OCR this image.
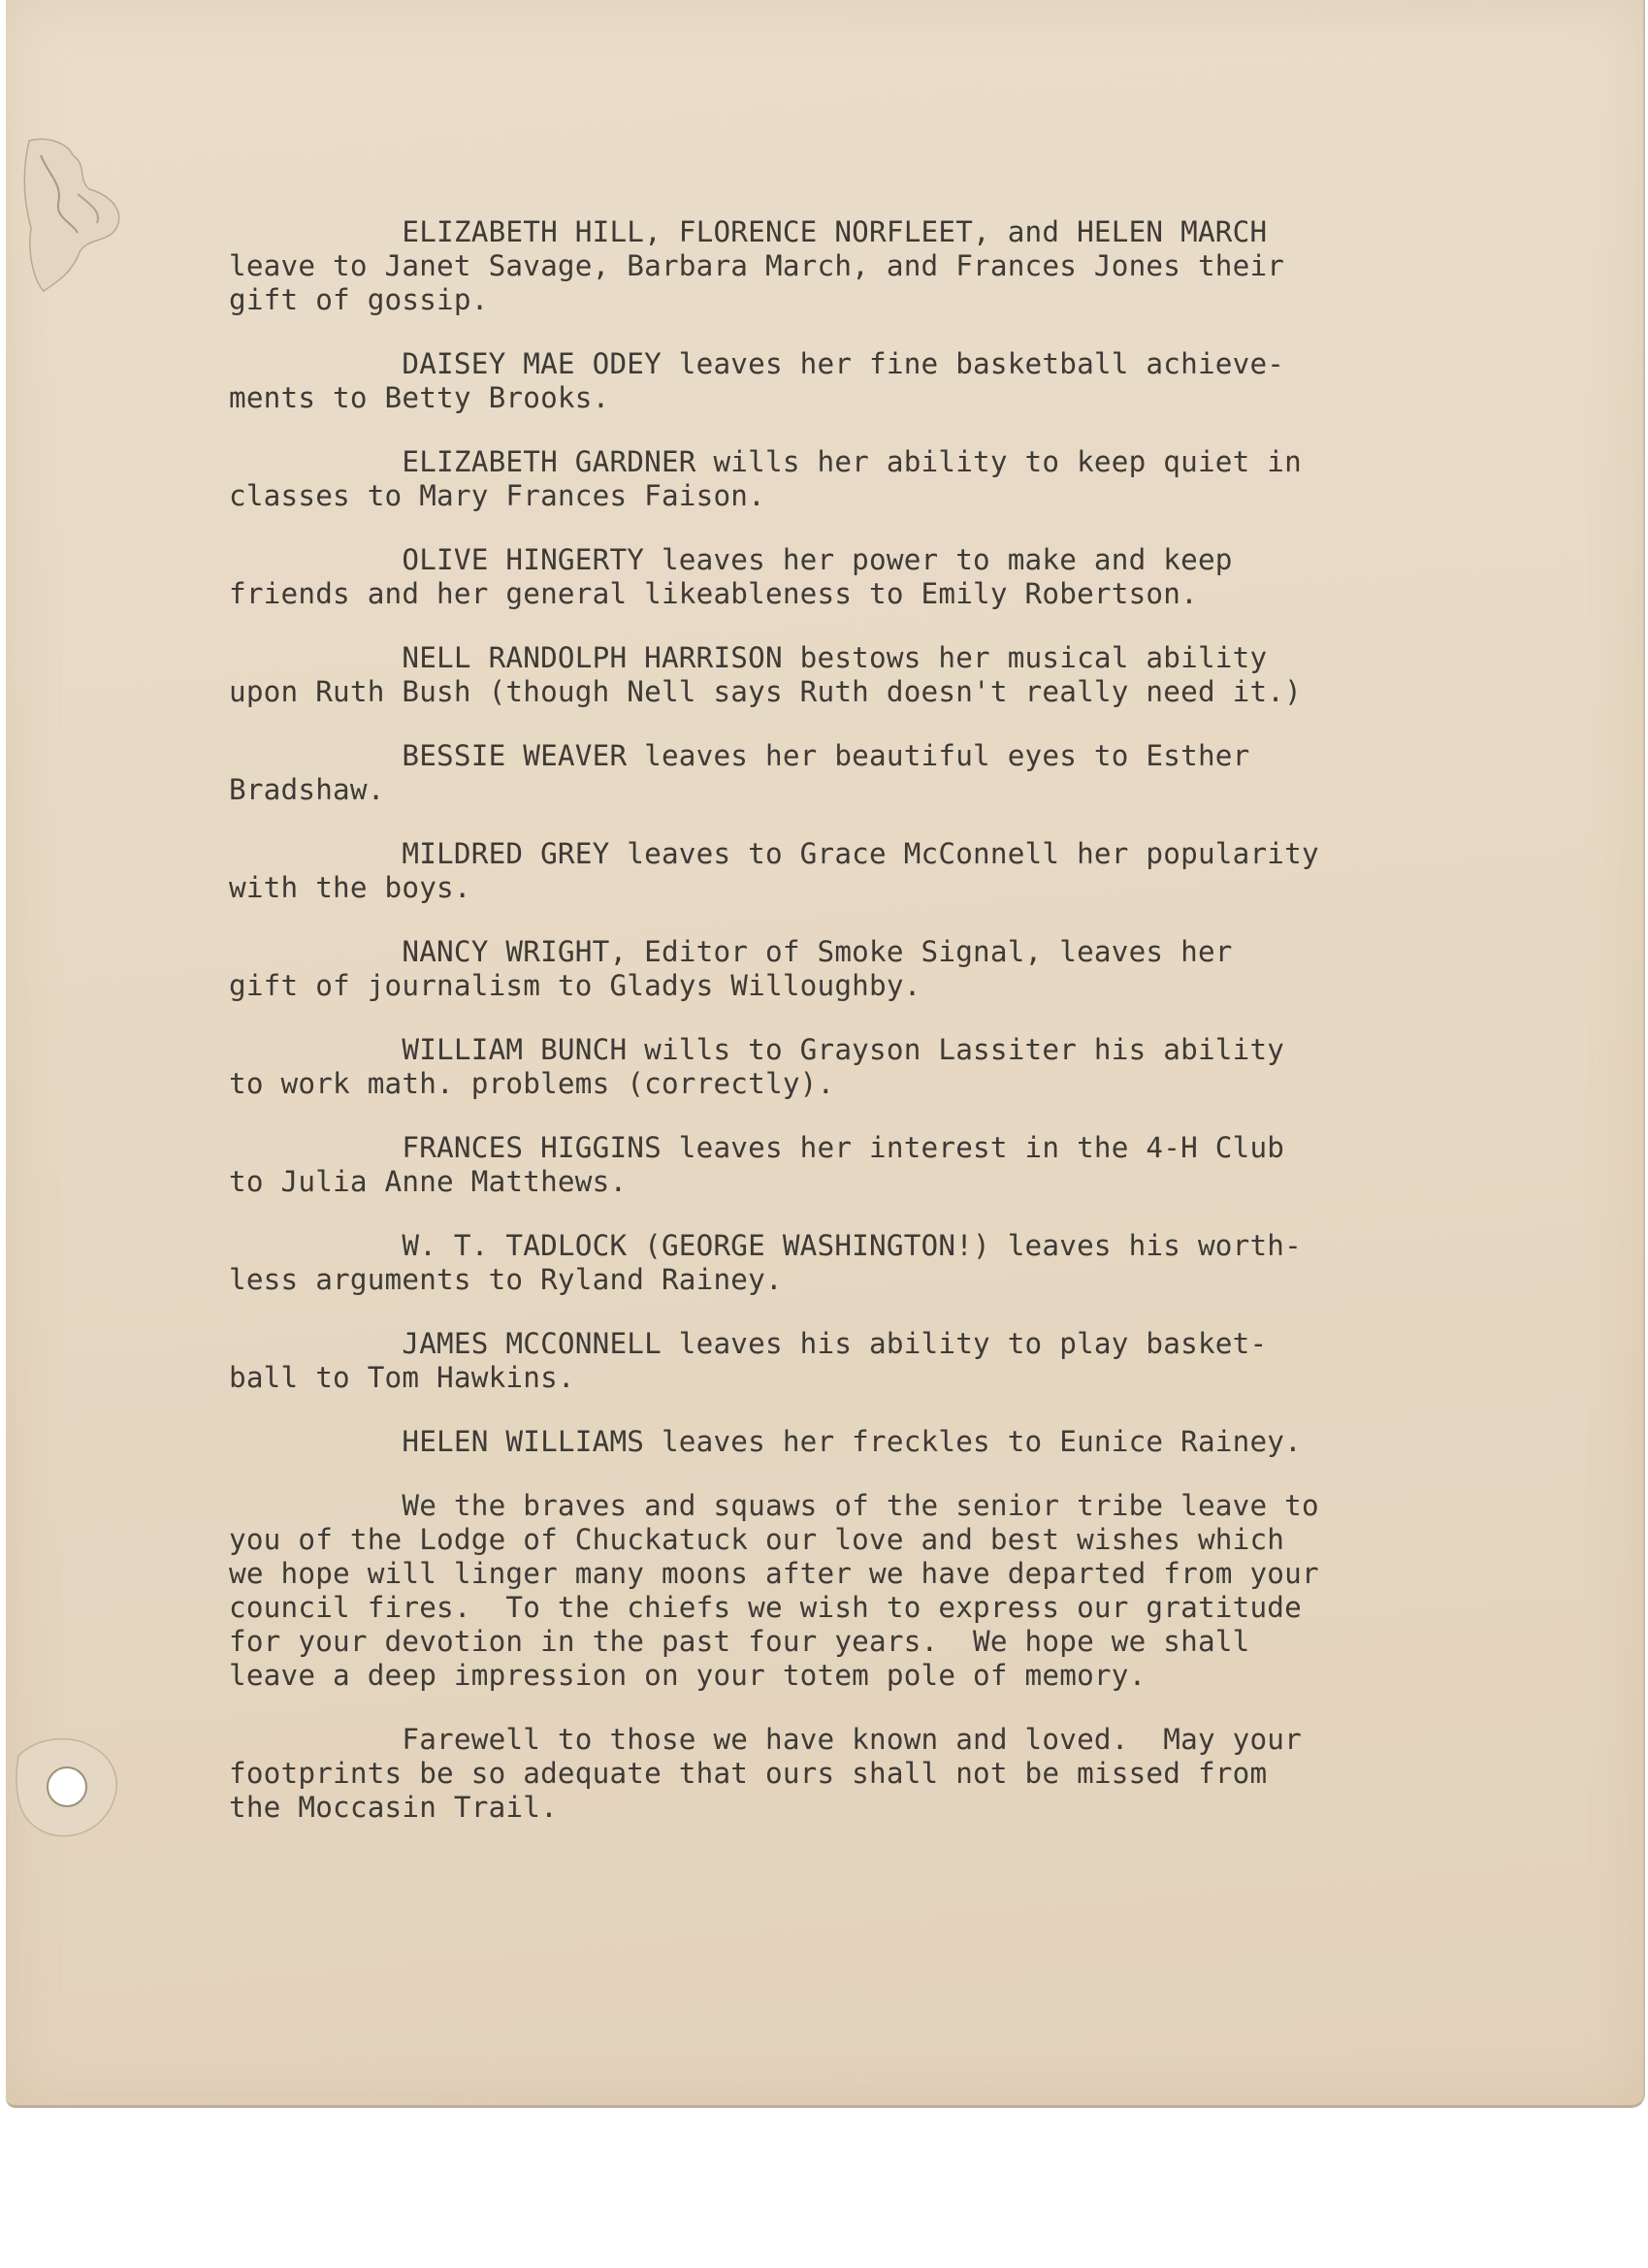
ELIZABETH HILL, FLORENCE NORFLEET, and HELEN MARCH
leave to Janet Savage, Barbara March, and Frances Jones their
gift of gossip.
DAISEY MAE ODEY leaves her fine basketball achieve-
ments to Betty Brooks.
ELIZABETH GARDNER wills her ability to keep quiet in
classes to Mary Frances Faison.
OLIVE HINGERTY leaves her power to make and keep
friends and her general likeableness to Emily Robertson.
NELL RANDOLPH HARRISON bestows her musical ability
upon Ruth Bush (though Nell says Ruth doesn't really need it.)
BESSIE WEAVER leaves her beautiful eyes to Esther
Bradshaw.
MILDRED GREY leaves to Grace McConnell her popularity
with the boys.
NANCY WRIGHT, Editor of Smoke Signal, leaves her
gift of journalism to Gladys Willoughby.
WILLIAM BUNCH wills to Grayson Lassiter his ability
to work math. problems (correctly).
FRANCES HIGGINS leaves her interest in the 4-H Club
to Julia Anne Matthews.
W. T. TADLOCK (GEORGE WASHINGTON!) leaves his worth-
less arguments to Ryland Rainey.
JAMES MCCONNELL leaves his ability to play basket-
ball to Tom Hawkins.
HELEN WILLIAMS leaves her freckles to Eunice Rainey.
We the braves and squaws of the senior tribe leave to
you of the Lodge of Chuckatuck our love and best wishes which
we hope will linger many moons after we have departed from your
council fires.  To the chiefs we wish to express our gratitude
for your devotion in the past four years.  We hope we shall
leave a deep impression on your totem pole of memory.
Farewell to those we have known and loved.  May your
footprints be so adequate that ours shall not be missed from
the Moccasin Trail.
